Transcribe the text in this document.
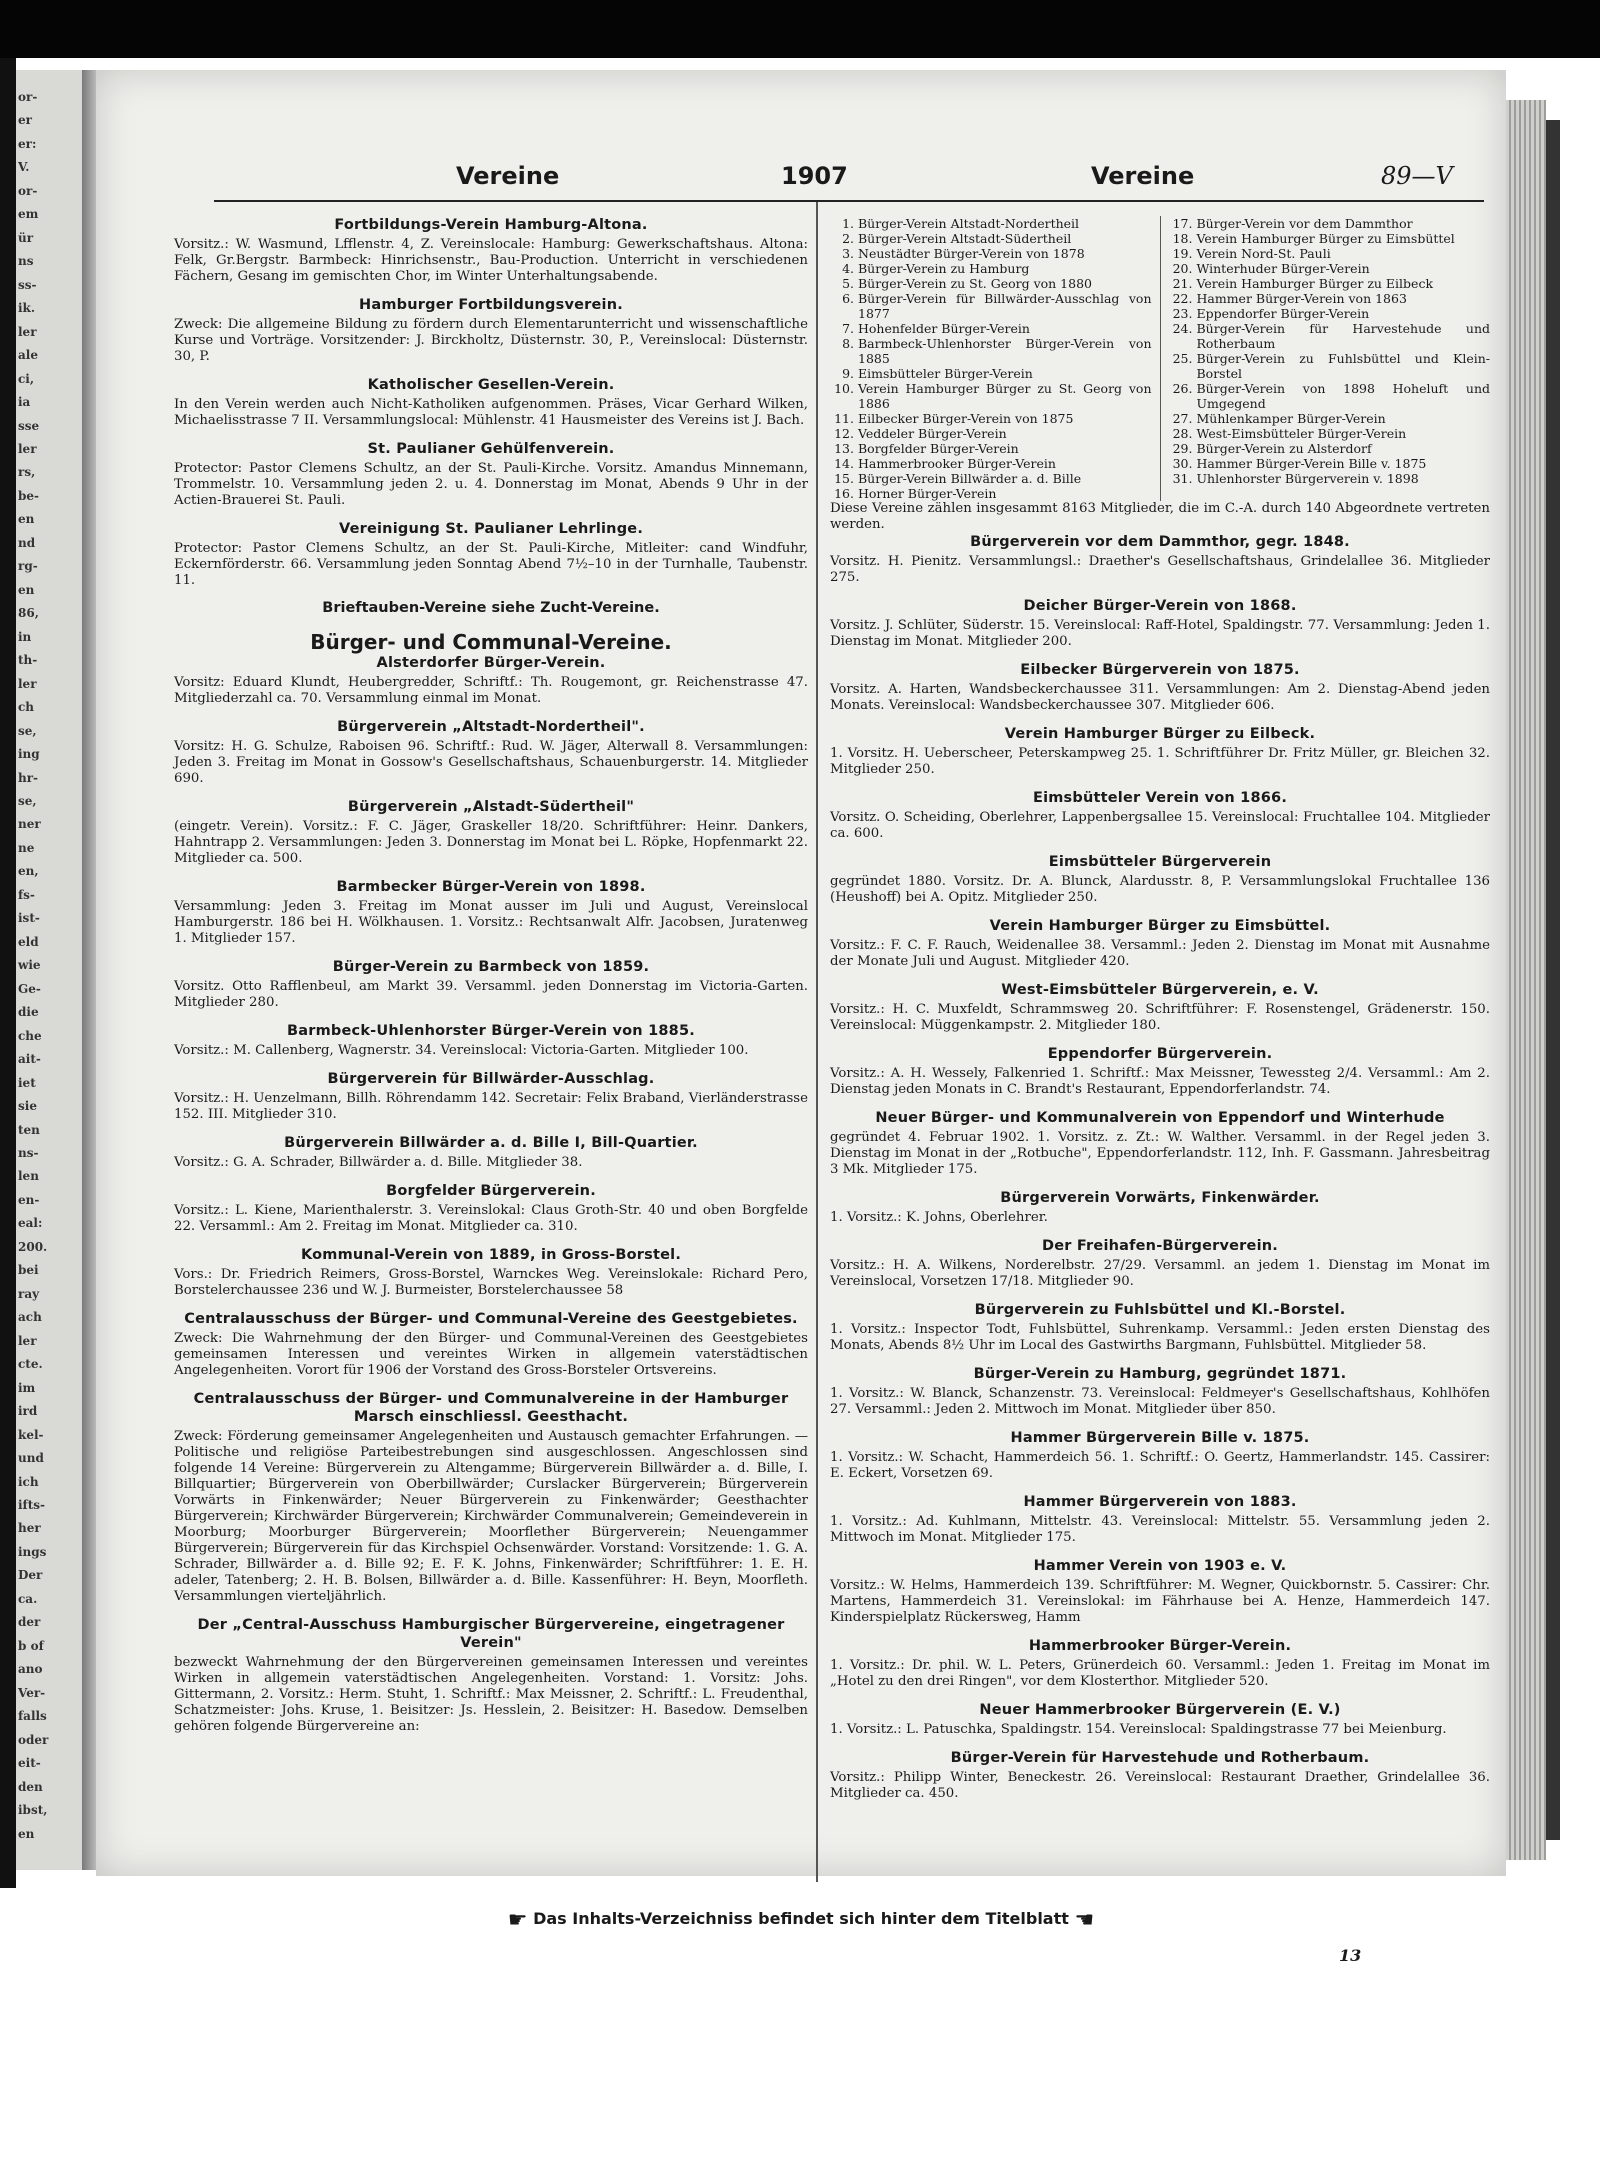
or-
er
er:
V.
or-
em
ür
ns
ss-
ik.
ler
ale
ci,
ia
sse
ler
rs,
be-
en
nd
rg-
en
86,
in
th-
ler
ch
se,
ing
hr-
se,
ner
ne
en,
fs-
ist-
eld
wie
Ge-
die
che
ait-
iet
sie
ten
ns-
len
en-
eal:
200.
bei
ray
ach
ler
cte.
im
ird
kel-
und
ich
ifts-
her
ings
Der
ca.
der
b of
ano
Ver-
falls
oder
eit-
den
ibst,
en
Vereine	1907	Vereine	89—V
Fortbildungs-Verein Hamburg-Altona.

Vorsitz.: W. Wasmund, Lfflenstr. 4, Z. Vereinslocale: Hamburg: Gewerkschaftshaus. Altona: Felk, Gr.Bergstr. Barmbeck: Hinrichsenstr., Bau-Production. Unterricht in verschiedenen Fächern, Gesang im gemischten Chor, im Winter Unterhaltungsabende.

Hamburger Fortbildungsverein.

Zweck: Die allgemeine Bildung zu fördern durch Elementarunterricht und wissenschaftliche Kurse und Vorträge. Vorsitzender: J. Birckholtz, Düsternstr. 30, P., Vereinslocal: Düsternstr. 30, P.

Katholischer Gesellen-Verein.

In den Verein werden auch Nicht-Katholiken aufgenommen. Präses, Vicar Gerhard Wilken, Michaelisstrasse 7 II. Versammlungslocal: Mühlenstr. 41 Hausmeister des Vereins ist J. Bach.

St. Paulianer Gehülfenverein.

Protector: Pastor Clemens Schultz, an der St. Pauli-Kirche. Vorsitz. Amandus Minnemann, Trommelstr. 10. Versammlung jeden 2. u. 4. Donnerstag im Monat, Abends 9 Uhr in der Actien-Brauerei St. Pauli.

Vereinigung St. Paulianer Lehrlinge.

Protector: Pastor Clemens Schultz, an der St. Pauli-Kirche, Mitleiter: cand Windfuhr, Eckernförderstr. 66. Versammlung jeden Sonntag Abend 7½–10 in der Turnhalle, Taubenstr. 11.

Brieftauben-Vereine siehe Zucht-Vereine.
Bürger- und Communal-Vereine.
Alsterdorfer Bürger-Verein.

Vorsitz: Eduard Klundt, Heubergredder, Schriftf.: Th. Rougemont, gr. Reichenstrasse 47. Mitgliederzahl ca. 70. Versammlung einmal im Monat.

Bürgerverein „Altstadt-Nordertheil".

Vorsitz: H. G. Schulze, Raboisen 96. Schriftf.: Rud. W. Jäger, Alterwall 8. Versammlungen: Jeden 3. Freitag im Monat in Gossow's Gesellschaftshaus, Schauenburgerstr. 14. Mitglieder 690.

Bürgerverein „Alstadt-Südertheil"

(eingetr. Verein). Vorsitz.: F. C. Jäger, Graskeller 18/20. Schriftführer: Heinr. Dankers, Hahntrapp 2. Versammlungen: Jeden 3. Donnerstag im Monat bei L. Röpke, Hopfenmarkt 22. Mitglieder ca. 500.

Barmbecker Bürger-Verein von 1898.

Versammlung: Jeden 3. Freitag im Monat ausser im Juli und August, Vereinslocal Hamburgerstr. 186 bei H. Wölkhausen. 1. Vorsitz.: Rechtsanwalt Alfr. Jacobsen, Juratenweg 1. Mitglieder 157.

Bürger-Verein zu Barmbeck von 1859.

Vorsitz. Otto Rafflenbeul, am Markt 39. Versamml. jeden Donnerstag im Victoria-Garten. Mitglieder 280.

Barmbeck-Uhlenhorster Bürger-Verein von 1885.

Vorsitz.: M. Callenberg, Wagnerstr. 34. Vereinslocal: Victoria-Garten. Mitglieder 100.

Bürgerverein für Billwärder-Ausschlag.

Vorsitz.: H. Uenzelmann, Billh. Röhrendamm 142. Secretair: Felix Braband, Vierländerstrasse 152. III. Mitglieder 310.

Bürgerverein Billwärder a. d. Bille I, Bill-Quartier.

Vorsitz.: G. A. Schrader, Billwärder a. d. Bille. Mitglieder 38.

Borgfelder Bürgerverein.

Vorsitz.: L. Kiene, Marienthalerstr. 3. Vereinslokal: Claus Groth-Str. 40 und oben Borgfelde 22. Versamml.: Am 2. Freitag im Monat. Mitglieder ca. 310.

Kommunal-Verein von 1889, in Gross-Borstel.

Vors.: Dr. Friedrich Reimers, Gross-Borstel, Warnckes Weg. Vereinslokale: Richard Pero, Borstelerchaussee 236 und W. J. Burmeister, Borstelerchaussee 58

Centralausschuss der Bürger- und Communal-Vereine des Geestgebietes.

Zweck: Die Wahrnehmung der den Bürger- und Communal-Vereinen des Geestgebietes gemeinsamen Interessen und vereintes Wirken in allgemein vaterstädtischen Angelegenheiten. Vorort für 1906 der Vorstand des Gross-Borsteler Ortsvereins.

Centralausschuss der Bürger- und Communalvereine in der Hamburger Marsch einschliessl. Geesthacht.

Zweck: Förderung gemeinsamer Angelegenheiten und Austausch gemachter Erfahrungen. — Politische und religiöse Parteibestrebungen sind ausgeschlossen. Angeschlossen sind folgende 14 Vereine: Bürgerverein zu Altengamme; Bürgerverein Billwärder a. d. Bille, I. Billquartier; Bürgerverein von Oberbillwärder; Curslacker Bürgerverein; Bürgerverein Vorwärts in Finkenwärder; Neuer Bürgerverein zu Finkenwärder; Geesthachter Bürgerverein; Kirchwärder Bürgerverein; Kirchwärder Communalverein; Gemeindeverein in Moorburg; Moorburger Bürgerverein; Moorflether Bürgerverein; Neuengammer Bürgerverein; Bürgerverein für das Kirchspiel Ochsenwärder. Vorstand: Vorsitzende: 1. G. A. Schrader, Billwärder a. d. Bille 92; E. F. K. Johns, Finkenwärder; Schriftführer: 1. E. H. adeler, Tatenberg; 2. H. B. Bolsen, Billwärder a. d. Bille. Kassenführer: H. Beyn, Moorfleth. Versammlungen vierteljährlich.

Der „Central-Ausschuss Hamburgischer Bürgervereine, eingetragener Verein"

bezweckt Wahrnehmung der den Bürgervereinen gemeinsamen Interessen und vereintes Wirken in allgemein vaterstädtischen Angelegenheiten. Vorstand: 1. Vorsitz: Johs. Gittermann, 2. Vorsitz.: Herm. Stuht, 1. Schriftf.: Max Meissner, 2. Schriftf.: L. Freudenthal, Schatzmeister: Johs. Kruse, 1. Beisitzer: Js. Hesslein, 2. Beisitzer: H. Basedow. Demselben gehören folgende Bürgervereine an:

1. Bürger-Verein Altstadt-Nordertheil
2. Bürger-Verein Altstadt-Südertheil
3. Neustädter Bürger-Verein von 1878
4. Bürger-Verein zu Hamburg
5. Bürger-Verein zu St. Georg von 1880
6. Bürger-Verein für Billwärder-Ausschlag von 1877
7. Hohenfelder Bürger-Verein
8. Barmbeck-Uhlenhorster Bürger-Verein von 1885
9. Eimsbütteler Bürger-Verein
10. Verein Hamburger Bürger zu St. Georg von 1886
11. Eilbecker Bürger-Verein von 1875
12. Veddeler Bürger-Verein
13. Borgfelder Bürger-Verein
14. Hammerbrooker Bürger-Verein
15. Bürger-Verein Billwärder a. d. Bille
16. Horner Bürger-Verein
17. Bürger-Verein vor dem Dammthor
18. Verein Hamburger Bürger zu Eimsbüttel
19. Verein Nord-St. Pauli
20. Winterhuder Bürger-Verein
21. Verein Hamburger Bürger zu Eilbeck
22. Hammer Bürger-Verein von 1863
23. Eppendorfer Bürger-Verein
24. Bürger-Verein für Harvestehude und Rotherbaum
25. Bürger-Verein zu Fuhlsbüttel und Klein-Borstel
26. Bürger-Verein von 1898 Hoheluft und Umgegend
27. Mühlenkamper Bürger-Verein
28. West-Eimsbütteler Bürger-Verein
29. Bürger-Verein zu Alsterdorf
30. Hammer Bürger-Verein Bille v. 1875
31. Uhlenhorster Bürgerverein v. 1898

Diese Vereine zählen insgesammt 8163 Mitglieder, die im C.-A. durch 140 Abgeordnete vertreten werden.

Bürgerverein vor dem Dammthor, gegr. 1848.

Vorsitz. H. Pienitz. Versammlungsl.: Draether's Gesellschaftshaus, Grindelallee 36. Mitglieder 275.

Deicher Bürger-Verein von 1868.

Vorsitz. J. Schlüter, Süderstr. 15. Vereinslocal: Raff-Hotel, Spaldingstr. 77. Versammlung: Jeden 1. Dienstag im Monat. Mitglieder 200.

Eilbecker Bürgerverein von 1875.

Vorsitz. A. Harten, Wandsbeckerchaussee 311. Versammlungen: Am 2. Dienstag-Abend jeden Monats. Vereinslocal: Wandsbeckerchaussee 307. Mitglieder 606.

Verein Hamburger Bürger zu Eilbeck.

1. Vorsitz. H. Ueberscheer, Peterskampweg 25. 1. Schriftführer Dr. Fritz Müller, gr. Bleichen 32. Mitglieder 250.

Eimsbütteler Verein von 1866.

Vorsitz. O. Scheiding, Oberlehrer, Lappenbergsallee 15. Vereinslocal: Fruchtallee 104. Mitglieder ca. 600.

Eimsbütteler Bürgerverein

gegründet 1880. Vorsitz. Dr. A. Blunck, Alardusstr. 8, P. Versammlungslokal Fruchtallee 136 (Heushoff) bei A. Opitz. Mitglieder 250.

Verein Hamburger Bürger zu Eimsbüttel.

Vorsitz.: F. C. F. Rauch, Weidenallee 38. Versamml.: Jeden 2. Dienstag im Monat mit Ausnahme der Monate Juli und August. Mitglieder 420.

West-Eimsbütteler Bürgerverein, e. V.

Vorsitz.: H. C. Muxfeldt, Schrammsweg 20. Schriftführer: F. Rosenstengel, Grädenerstr. 150. Vereinslocal: Müggenkampstr. 2. Mitglieder 180.

Eppendorfer Bürgerverein.

Vorsitz.: A. H. Wessely, Falkenried 1. Schriftf.: Max Meissner, Tewessteg 2/4. Versamml.: Am 2. Dienstag jeden Monats in C. Brandt's Restaurant, Eppendorferlandstr. 74.

Neuer Bürger- und Kommunalverein von Eppendorf und Winterhude

gegründet 4. Februar 1902. 1. Vorsitz. z. Zt.: W. Walther. Versamml. in der Regel jeden 3. Dienstag im Monat in der „Rotbuche", Eppendorferlandstr. 112, Inh. F. Gassmann. Jahresbeitrag 3 Mk. Mitglieder 175.

Bürgerverein Vorwärts, Finkenwärder.

1. Vorsitz.: K. Johns, Oberlehrer.

Der Freihafen-Bürgerverein.

Vorsitz.: H. A. Wilkens, Norderelbstr. 27/29. Versamml. an jedem 1. Dienstag im Monat im Vereinslocal, Vorsetzen 17/18. Mitglieder 90.

Bürgerverein zu Fuhlsbüttel und Kl.-Borstel.

1. Vorsitz.: Inspector Todt, Fuhlsbüttel, Suhrenkamp. Versamml.: Jeden ersten Dienstag des Monats, Abends 8½ Uhr im Local des Gastwirths Bargmann, Fuhlsbüttel. Mitglieder 58.

Bürger-Verein zu Hamburg, gegründet 1871.

1. Vorsitz.: W. Blanck, Schanzenstr. 73. Vereinslocal: Feldmeyer's Gesellschaftshaus, Kohlhöfen 27. Versamml.: Jeden 2. Mittwoch im Monat. Mitglieder über 850.

Hammer Bürgerverein Bille v. 1875.

1. Vorsitz.: W. Schacht, Hammerdeich 56. 1. Schriftf.: O. Geertz, Hammerlandstr. 145. Cassirer: E. Eckert, Vorsetzen 69.

Hammer Bürgerverein von 1883.

1. Vorsitz.: Ad. Kuhlmann, Mittelstr. 43. Vereinslocal: Mittelstr. 55. Versammlung jeden 2. Mittwoch im Monat. Mitglieder 175.

Hammer Verein von 1903 e. V.

Vorsitz.: W. Helms, Hammerdeich 139. Schriftführer: M. Wegner, Quickbornstr. 5. Cassirer: Chr. Martens, Hammerdeich 31. Vereinslokal: im Fährhause bei A. Henze, Hammerdeich 147. Kinderspielplatz Rückersweg, Hamm

Hammerbrooker Bürger-Verein.

1. Vorsitz.: Dr. phil. W. L. Peters, Grünerdeich 60. Versamml.: Jeden 1. Freitag im Monat im „Hotel zu den drei Ringen", vor dem Klosterthor. Mitglieder 520.

Neuer Hammerbrooker Bürgerverein (E. V.)

1. Vorsitz.: L. Patuschka, Spaldingstr. 154. Vereinslocal: Spaldingstrasse 77 bei Meienburg.

Bürger-Verein für Harvestehude und Rotherbaum.

Vorsitz.: Philipp Winter, Beneckestr. 26. Vereinslocal: Restaurant Draether, Grindelallee 36. Mitglieder ca. 450.

☛ Das Inhalts-Verzeichniss befindet sich hinter dem Titelblatt ☚
13
